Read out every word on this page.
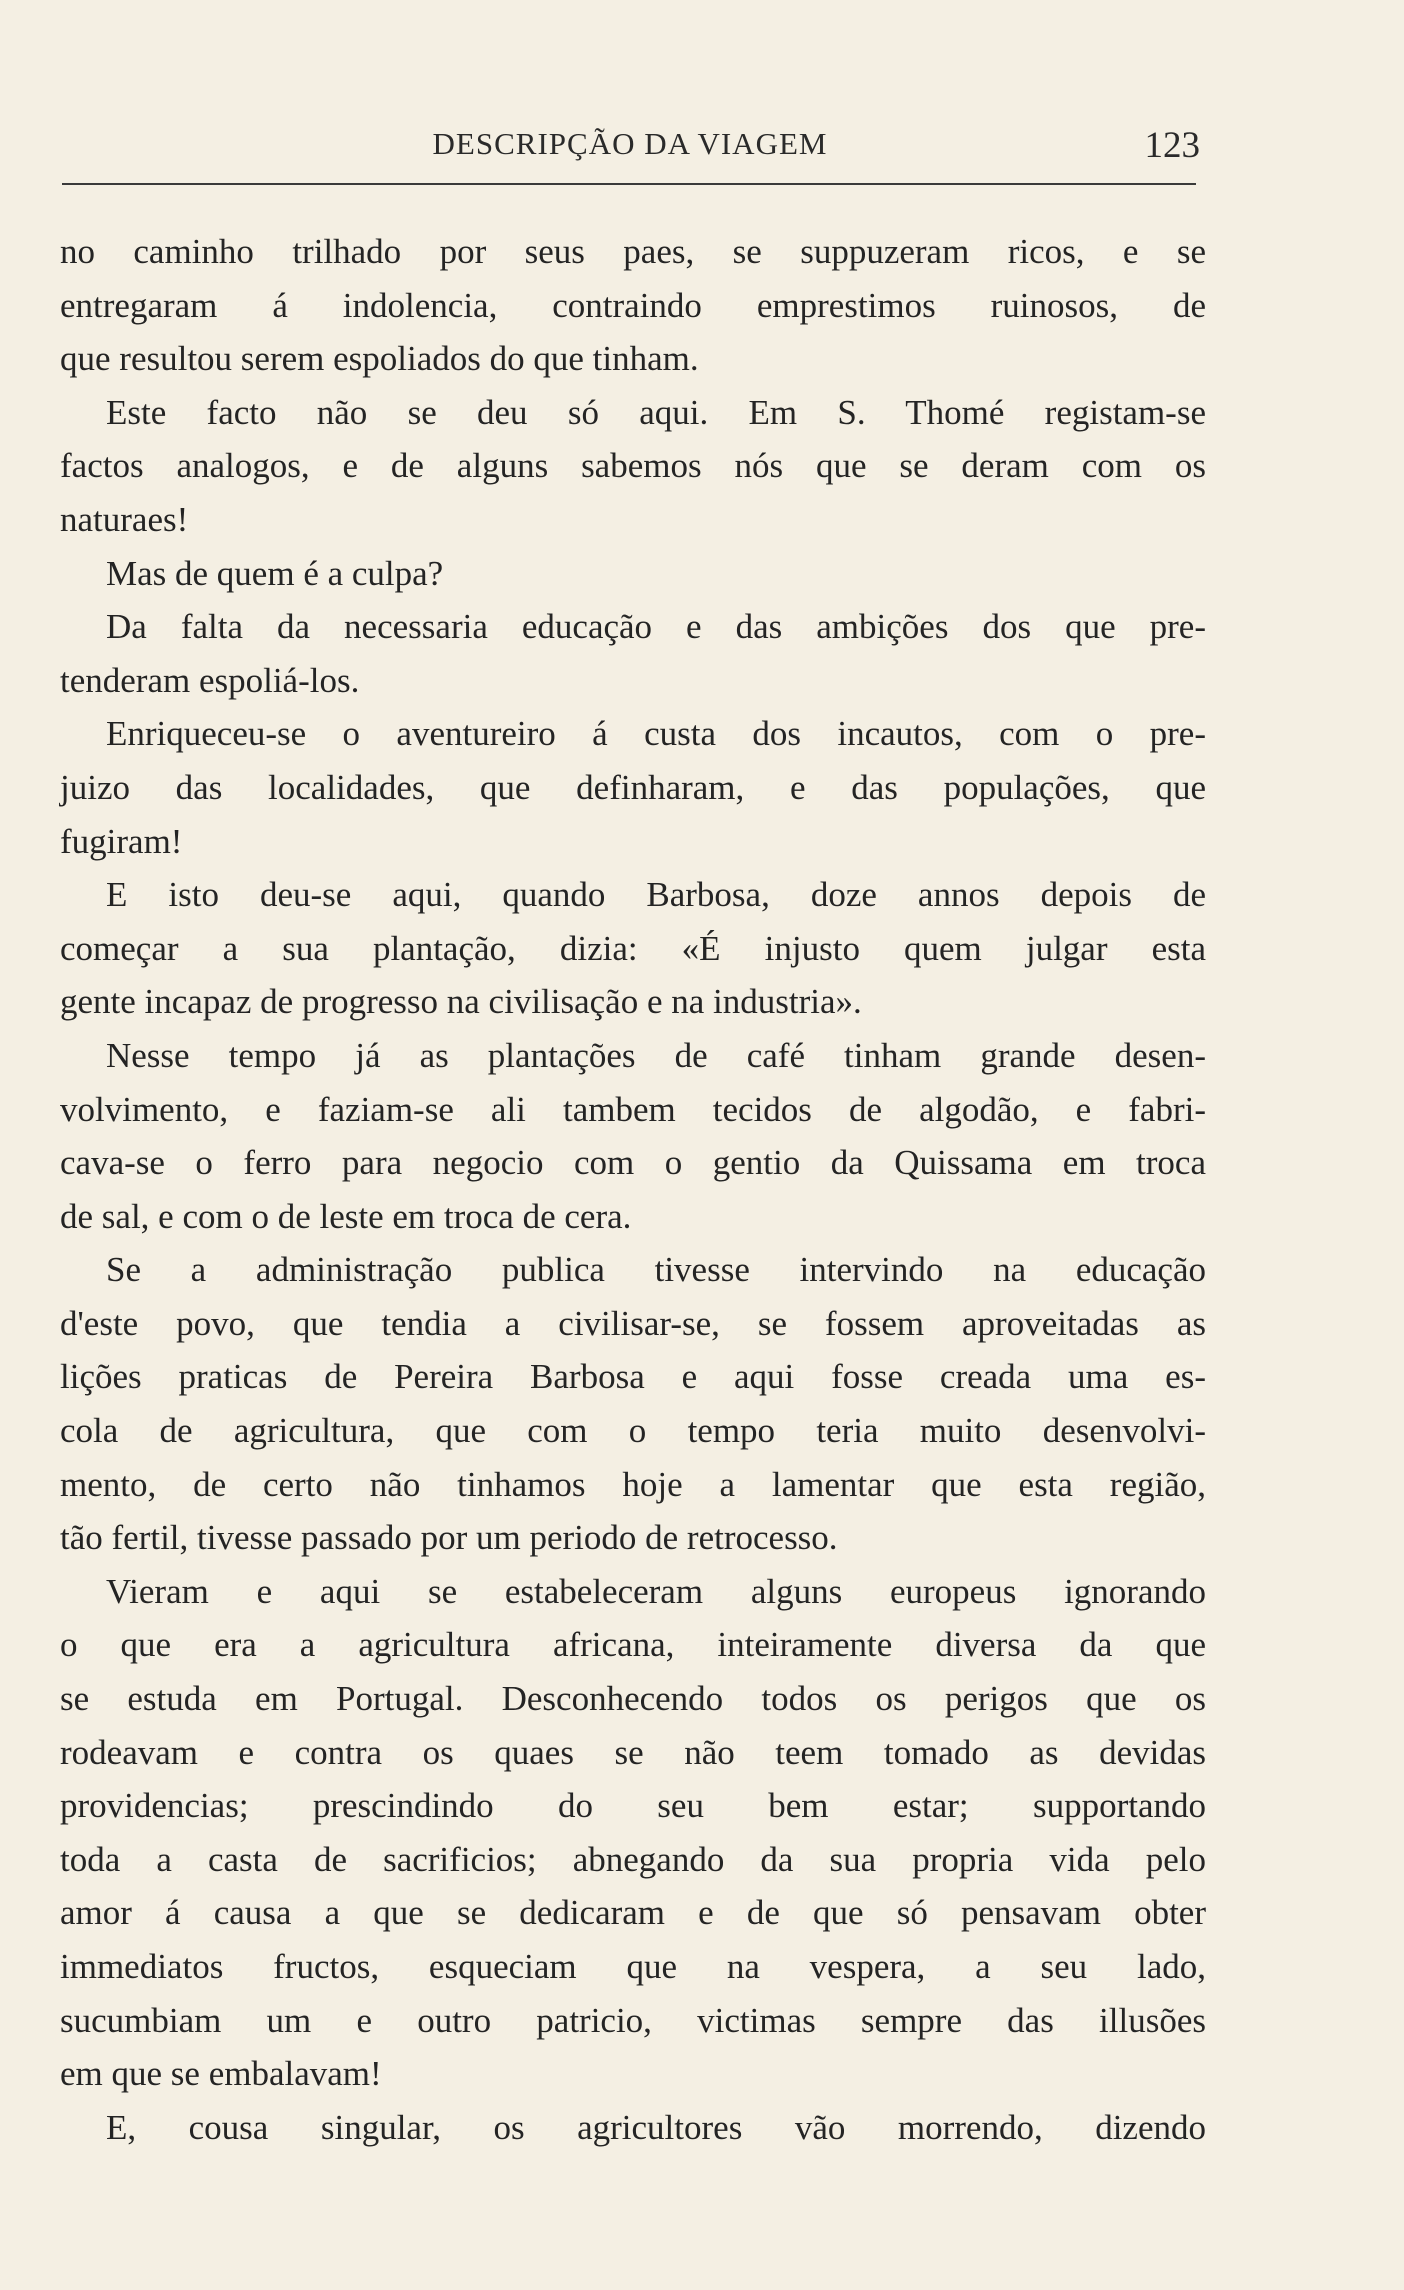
DESCRIPÇÃO DA VIAGEM	123
no caminho trilhado por seus paes, se suppuzeram ricos, e se
entregaram á indolencia, contraindo emprestimos ruinosos, de
que resultou serem espoliados do que tinham.
Este facto não se deu só aqui. Em S. Thomé registam-se
factos analogos, e de alguns sabemos nós que se deram com os
naturaes!
Mas de quem é a culpa?
Da falta da necessaria educação e das ambições dos que pre-
tenderam espoliá-los.
Enriqueceu-se o aventureiro á custa dos incautos, com o pre-
juizo das localidades, que definharam, e das populações, que
fugiram!
E isto deu-se aqui, quando Barbosa, doze annos depois de
começar a sua plantação, dizia: «É injusto quem julgar esta
gente incapaz de progresso na civilisação e na industria».
Nesse tempo já as plantações de café tinham grande desen-
volvimento, e faziam-se ali tambem tecidos de algodão, e fabri-
cava-se o ferro para negocio com o gentio da Quissama em troca
de sal, e com o de leste em troca de cera.
Se a administração publica tivesse intervindo na educação
d'este povo, que tendia a civilisar-se, se fossem aproveitadas as
lições praticas de Pereira Barbosa e aqui fosse creada uma es-
cola de agricultura, que com o tempo teria muito desenvolvi-
mento, de certo não tinhamos hoje a lamentar que esta região,
tão fertil, tivesse passado por um periodo de retrocesso.
Vieram e aqui se estabeleceram alguns europeus ignorando
o que era a agricultura africana, inteiramente diversa da que
se estuda em Portugal. Desconhecendo todos os perigos que os
rodeavam e contra os quaes se não teem tomado as devidas
providencias; prescindindo do seu bem estar; supportando
toda a casta de sacrificios; abnegando da sua propria vida pelo
amor á causa a que se dedicaram e de que só pensavam obter
immediatos fructos, esqueciam que na vespera, a seu lado,
sucumbiam um e outro patricio, victimas sempre das illusões
em que se embalavam!
E, cousa singular, os agricultores vão morrendo, dizendo
